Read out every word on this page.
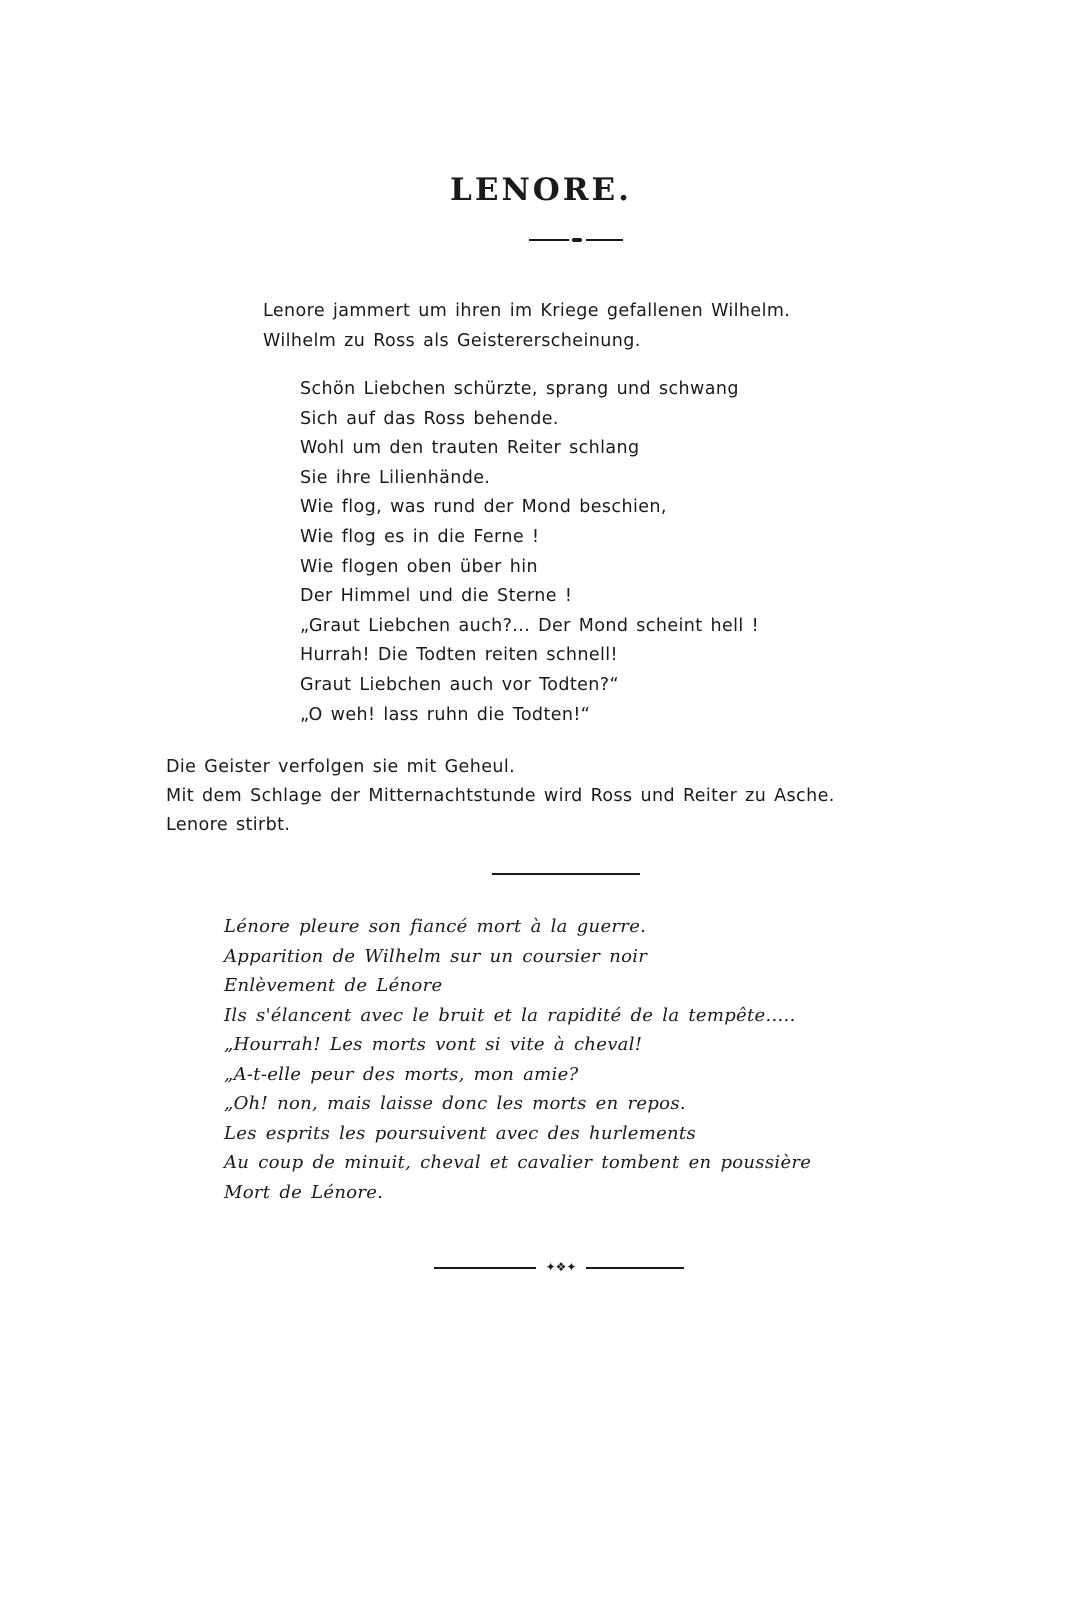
LENORE.
Lenore jammert um ihren im Kriege gefallenen Wilhelm.
Wilhelm zu Ross als Geistererscheinung.
Schön Liebchen schürzte, sprang und schwang
Sich auf das Ross behende.
Wohl um den trauten Reiter schlang
Sie ihre Lilienhände.
Wie flog, was rund der Mond beschien,
Wie flog es in die Ferne !
Wie flogen oben über hin
Der Himmel und die Sterne !
„Graut Liebchen auch?... Der Mond scheint hell !
Hurrah! Die Todten reiten schnell!
Graut Liebchen auch vor Todten?“
„O weh! lass ruhn die Todten!“
Die Geister verfolgen sie mit Geheul.
Mit dem Schlage der Mitternachtstunde wird Ross und Reiter zu Asche.
Lenore stirbt.
Lénore pleure son fiancé mort à la guerre.
Apparition de Wilhelm sur un coursier noir
Enlèvement de Lénore
Ils s'élancent avec le bruit et la rapidité de la tempête.....
„Hourrah! Les morts vont si vite à cheval!
„A-t-elle peur des morts, mon amie?
„Oh! non, mais laisse donc les morts en repos.
Les esprits les poursuivent avec des hurlements
Au coup de minuit, cheval et cavalier tombent en poussière
Mort de Lénore.
✦❖✦
